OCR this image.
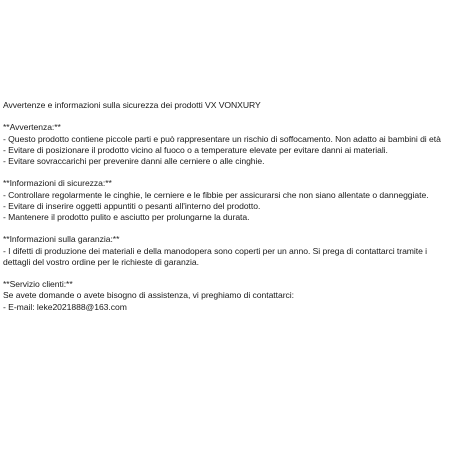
Avvertenze e informazioni sulla sicurezza dei prodotti VX VONXURY
**Avvertenza:**
- Questo prodotto contiene piccole parti e può rappresentare un rischio di soffocamento. Non adatto ai bambini di età
- Evitare di posizionare il prodotto vicino al fuoco o a temperature elevate per evitare danni ai materiali.
- Evitare sovraccarichi per prevenire danni alle cerniere o alle cinghie.
**Informazioni di sicurezza:**
- Controllare regolarmente le cinghie, le cerniere e le fibbie per assicurarsi che non siano allentate o danneggiate.
- Evitare di inserire oggetti appuntiti o pesanti all'interno del prodotto.
- Mantenere il prodotto pulito e asciutto per prolungarne la durata.
**Informazioni sulla garanzia:**
- I difetti di produzione dei materiali e della manodopera sono coperti per un anno. Si prega di contattarci tramite i
dettagli del vostro ordine per le richieste di garanzia.
**Servizio clienti:**
Se avete domande o avete bisogno di assistenza, vi preghiamo di contattarci:
- E-mail: leke2021888@163.com
